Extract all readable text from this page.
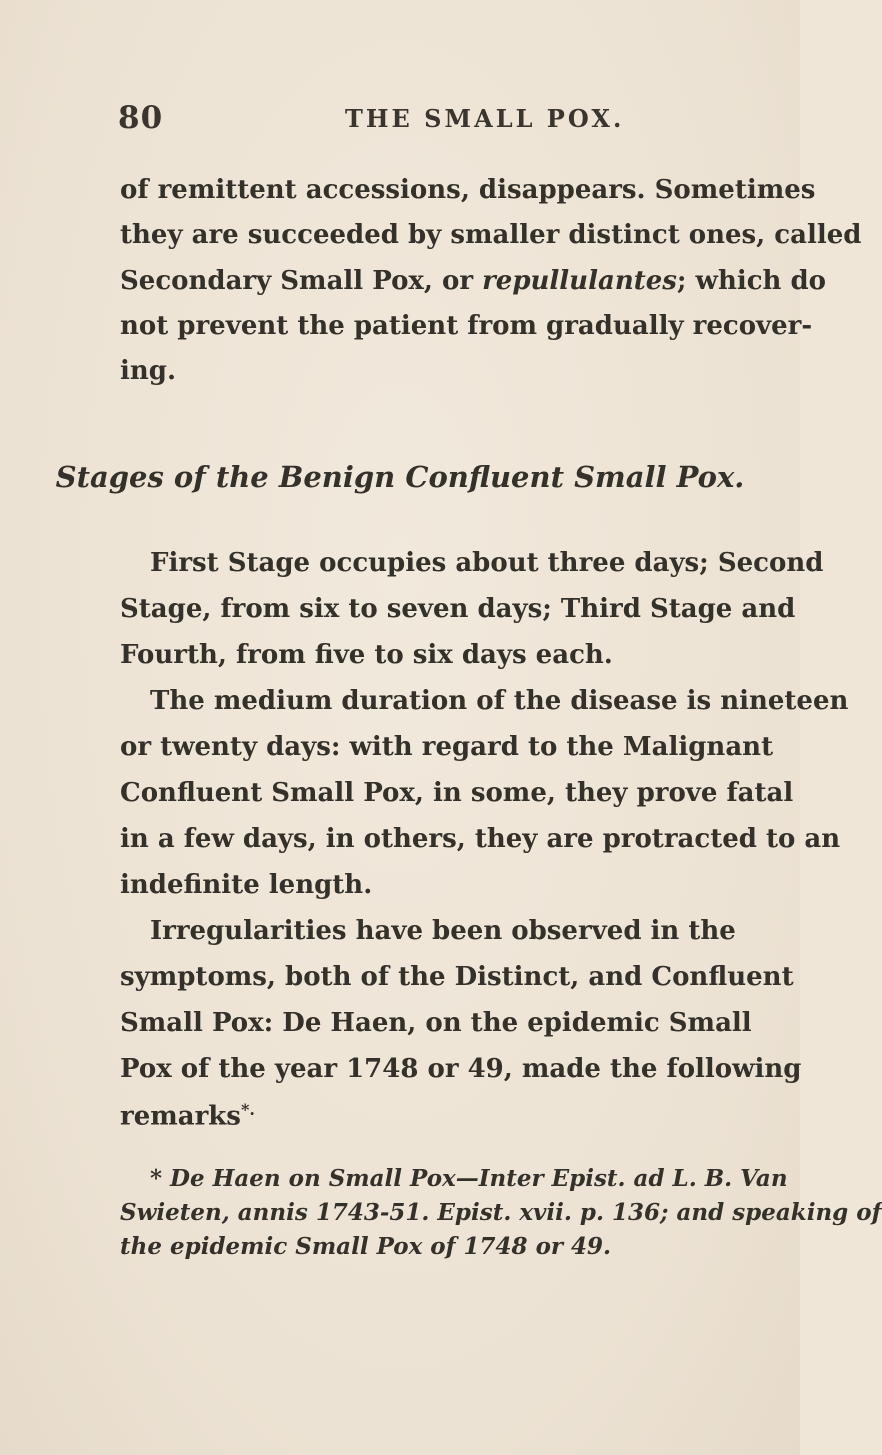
80	THE SMALL POX.
of remittent accessions, disappears. Sometimes
they are succeeded by smaller distinct ones, called
Secondary Small Pox, or repullulantes; which do
not prevent the patient from gradually recover-
ing.
Stages of the Benign Confluent Small Pox.
First Stage occupies about three days; Second
Stage, from six to seven days; Third Stage and
Fourth, from five to six days each.
The medium duration of the disease is nineteen
or twenty days: with regard to the Malignant
Confluent Small Pox, in some, they prove fatal
in a few days, in others, they are protracted to an
indefinite length.
Irregularities have been observed in the
symptoms, both of the Distinct, and Confluent
Small Pox: De Haen, on the epidemic Small
Pox of the year 1748 or 49, made the following
remarks*.
* De Haen on Small Pox—Inter Epist. ad L. B. Van
Swieten, annis 1743-51. Epist. xvii. p. 136; and speaking of
the epidemic Small Pox of 1748 or 49.
